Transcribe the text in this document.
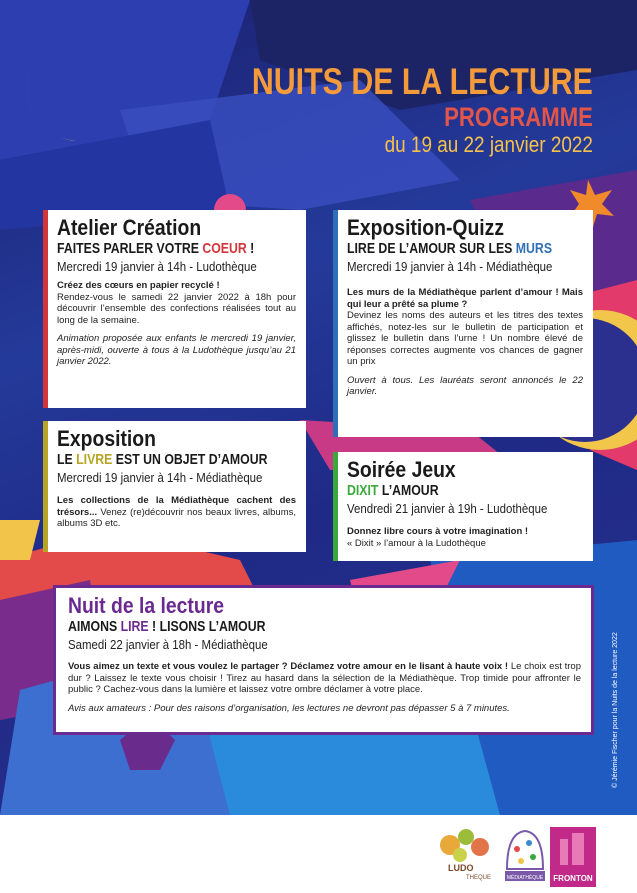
NUITS DE LA LECTURE
PROGRAMME
du 19 au 22 janvier 2022
Atelier Création
FAITES PARLER VOTRE COEUR !
Mercredi 19 janvier à 14h - Ludothèque
Créez des cœurs en papier recyclé !
Rendez-vous le samedi 22 janvier 2022 à 18h pour découvrir l’ensemble des confections réalisées tout au long de la semaine.
Animation proposée aux enfants le mercredi 19 janvier, après-midi, ouverte à tous à la Ludothèque jusqu’au 21 janvier 2022.
Exposition-Quizz
LIRE DE L’AMOUR SUR LES MURS
Mercredi 19 janvier à 14h - Médiathèque
Les murs de la Médiathèque parlent d’amour ! Mais qui leur a prêté sa plume ?
Devinez les noms des auteurs et les titres des textes affichés, notez-les sur le bulletin de participation et glissez le bulletin dans l’urne ! Un nombre élevé de réponses correctes augmente vos chances de gagner un prix
Ouvert à tous. Les lauréats seront annoncés le 22 janvier.
Exposition
LE LIVRE EST UN OBJET D’AMOUR
Mercredi 19 janvier à 14h - Médiathèque
Les collections de la Médiathèque cachent des trésors... Venez (re)découvrir nos beaux livres, albums, albums 3D etc.
Soirée Jeux
DIXIT L’AMOUR
Vendredi 21 janvier à 19h - Ludothèque
Donnez libre cours à votre imagination !
« Dixit » l’amour à la Ludothèque
Nuit de la lecture
AIMONS LIRE ! LISONS L’AMOUR
Samedi 22 janvier à 18h - Médiathèque
Vous aimez un texte et vous voulez le partager ? Déclamez votre amour en le lisant à haute voix ! Le choix est trop dur ? Laissez le texte vous choisir ! Tirez au hasard dans la sélection de la Médiathèque. Trop timide pour affronter le public ? Cachez-vous dans la lumière et laissez votre ombre déclamer à votre place.
Avis aux amateurs : Pour des raisons d’organisation, les lectures ne devront pas dépasser 5 à 7 minutes.	© Jérémie Fischer pour la Nuits de la lecture 2022
LUDO
THEQUE	MÉDIATHÈQUE FRONTON
